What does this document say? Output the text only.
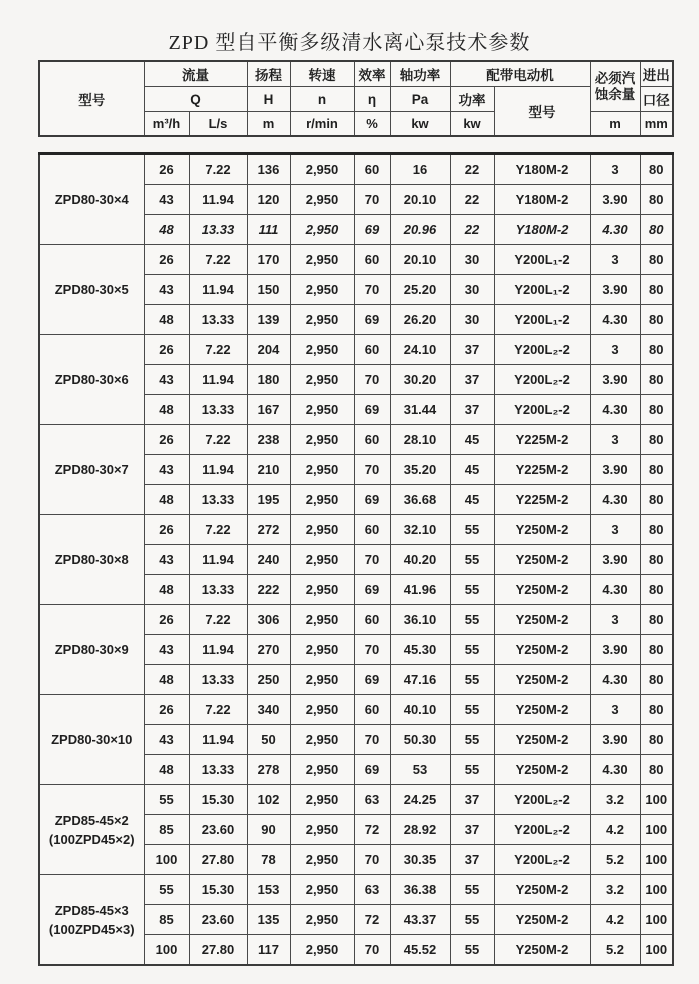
ZPD 型自平衡多级清水离心泵技术参数
型号	流量		扬程	转速	效率	轴功率	配带电动机		必须汽
蚀余量	进出
	Q		H	n	η	Pa	功率	型号		口径
	m³/h	L/s	m	r/min	%	kw	kw		m	mm
ZPD80-30×4	26	7.22	136	2,950	60	16	22	Y180M-2	3	80
	43	11.94	120	2,950	70	20.10	22	Y180M-2	3.90	80
	48	13.33	111	2,950	69	20.96	22	Y180M-2	4.30	80

ZPD80-30×5	26	7.22	170	2,950	60	20.10	30	Y200L₁-2	3	80
	43	11.94	150	2,950	70	25.20	30	Y200L₁-2	3.90	80
	48	13.33	139	2,950	69	26.20	30	Y200L₁-2	4.30	80

ZPD80-30×6	26	7.22	204	2,950	60	24.10	37	Y200L₂-2	3	80
	43	11.94	180	2,950	70	30.20	37	Y200L₂-2	3.90	80
	48	13.33	167	2,950	69	31.44	37	Y200L₂-2	4.30	80

ZPD80-30×7	26	7.22	238	2,950	60	28.10	45	Y225M-2	3	80
	43	11.94	210	2,950	70	35.20	45	Y225M-2	3.90	80
	48	13.33	195	2,950	69	36.68	45	Y225M-2	4.30	80

ZPD80-30×8	26	7.22	272	2,950	60	32.10	55	Y250M-2	3	80
	43	11.94	240	2,950	70	40.20	55	Y250M-2	3.90	80
	48	13.33	222	2,950	69	41.96	55	Y250M-2	4.30	80

ZPD80-30×9	26	7.22	306	2,950	60	36.10	55	Y250M-2	3	80
	43	11.94	270	2,950	70	45.30	55	Y250M-2	3.90	80
	48	13.33	250	2,950	69	47.16	55	Y250M-2	4.30	80

ZPD80-30×10	26	7.22	340	2,950	60	40.10	55	Y250M-2	3	80
	43	11.94	50	2,950	70	50.30	55	Y250M-2	3.90	80
	48	13.33	278	2,950	69	53	55	Y250M-2	4.30	80

ZPD85-45×2
(100ZPD45×2)	55	15.30	102	2,950	63	24.25	37	Y200L₂-2	3.2	100
	85	23.60	90	2,950	72	28.92	37	Y200L₂-2	4.2	100
	100	27.80	78	2,950	70	30.35	37	Y200L₂-2	5.2	100

ZPD85-45×3
(100ZPD45×3)	55	15.30	153	2,950	63	36.38	55	Y250M-2	3.2	100
	85	23.60	135	2,950	72	43.37	55	Y250M-2	4.2	100
	100	27.80	117	2,950	70	45.52	55	Y250M-2	5.2	100
